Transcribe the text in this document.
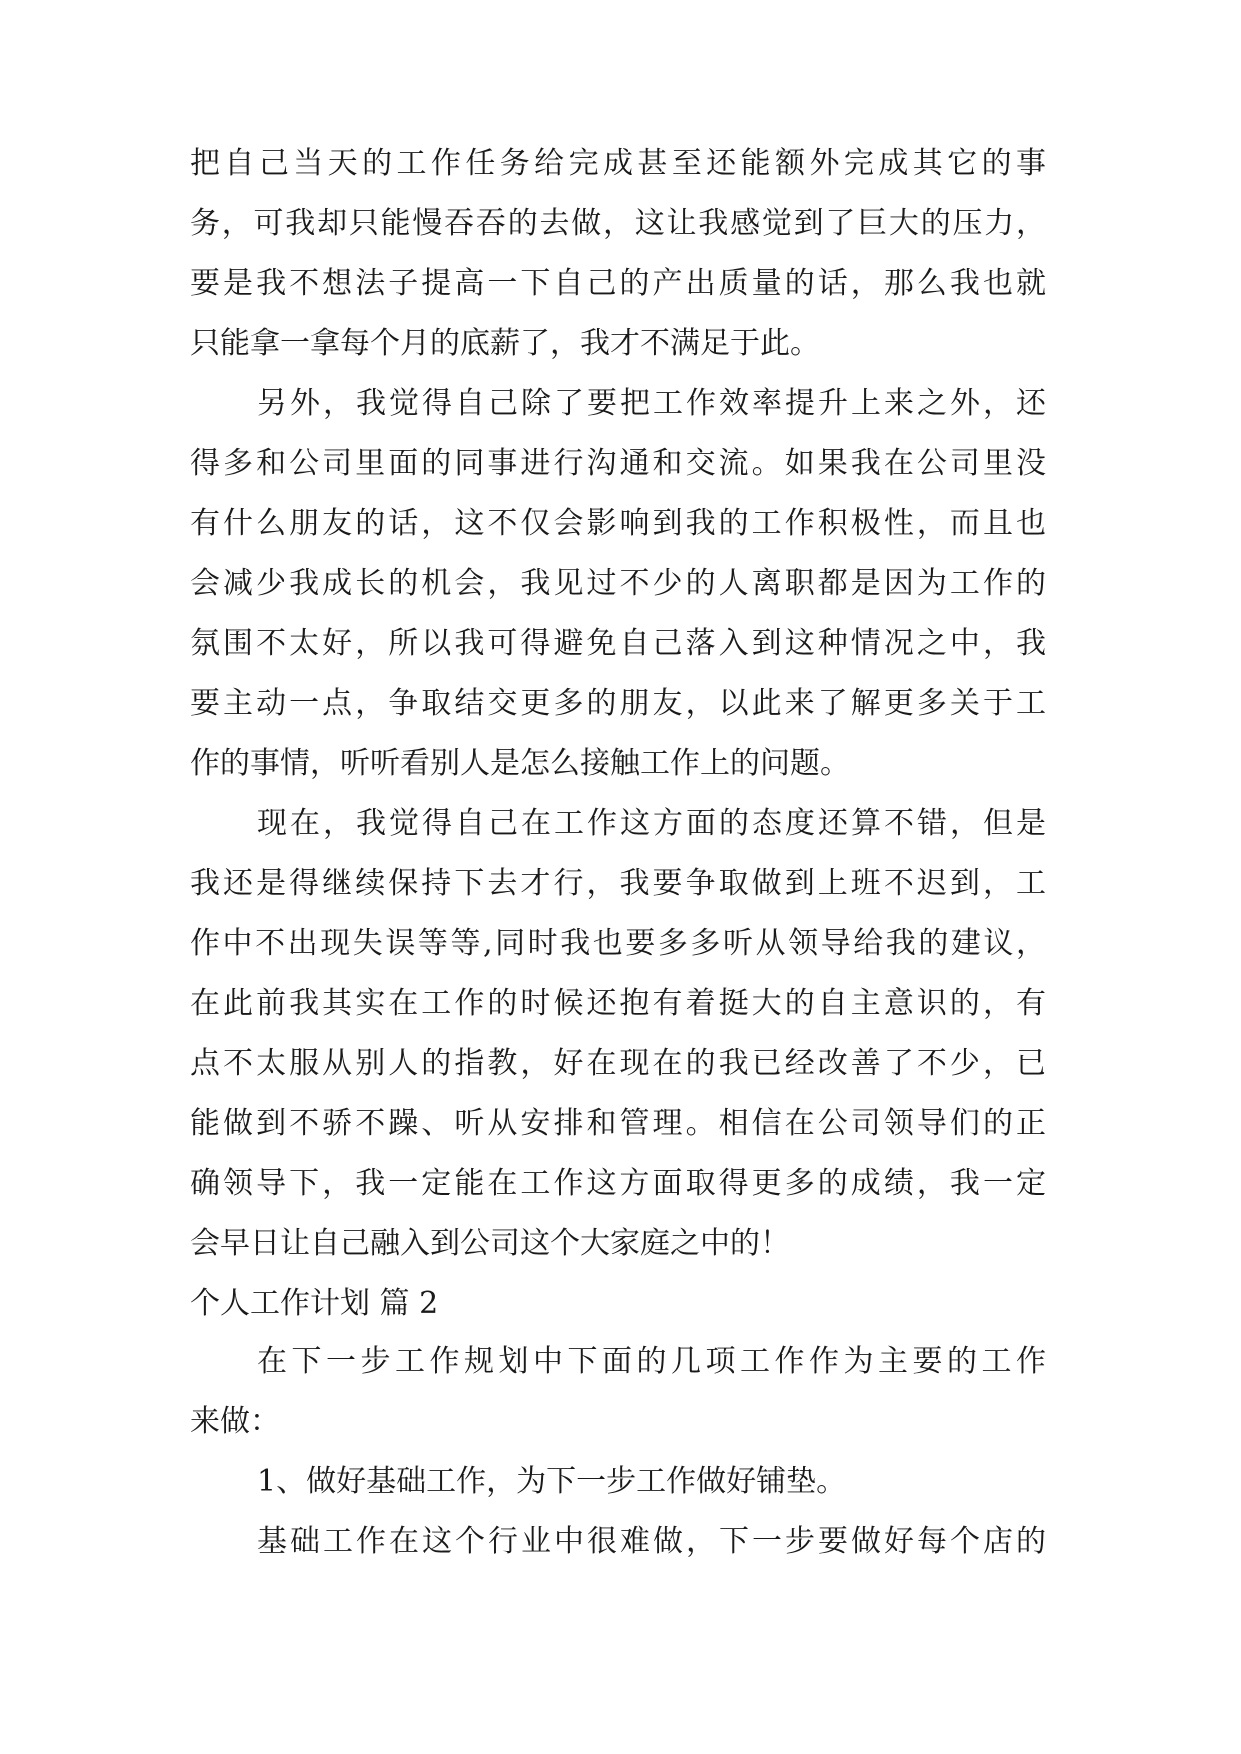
把自己当天的工作任务给完成甚至还能额外完成其它的事
务，可我却只能慢吞吞的去做，这让我感觉到了巨大的压力，
要是我不想法子提高一下自己的产出质量的话，那么我也就
只能拿一拿每个月的底薪了，我才不满足于此。
另外，我觉得自己除了要把工作效率提升上来之外，还
得多和公司里面的同事进行沟通和交流。如果我在公司里没
有什么朋友的话，这不仅会影响到我的工作积极性，而且也
会减少我成长的机会，我见过不少的人离职都是因为工作的
氛围不太好，所以我可得避免自己落入到这种情况之中，我
要主动一点，争取结交更多的朋友，以此来了解更多关于工
作的事情，听听看别人是怎么接触工作上的问题。
现在，我觉得自己在工作这方面的态度还算不错，但是
我还是得继续保持下去才行，我要争取做到上班不迟到，工
作中不出现失误等等,同时我也要多多听从领导给我的建议，
在此前我其实在工作的时候还抱有着挺大的自主意识的，有
点不太服从别人的指教，好在现在的我已经改善了不少，已
能做到不骄不躁、听从安排和管理。相信在公司领导们的正
确领导下，我一定能在工作这方面取得更多的成绩，我一定
会早日让自己融入到公司这个大家庭之中的！
个人工作计划 篇 2
在下一步工作规划中下面的几项工作作为主要的工作
来做：
1、做好基础工作，为下一步工作做好铺垫。
基础工作在这个行业中很难做，下一步要做好每个店的
